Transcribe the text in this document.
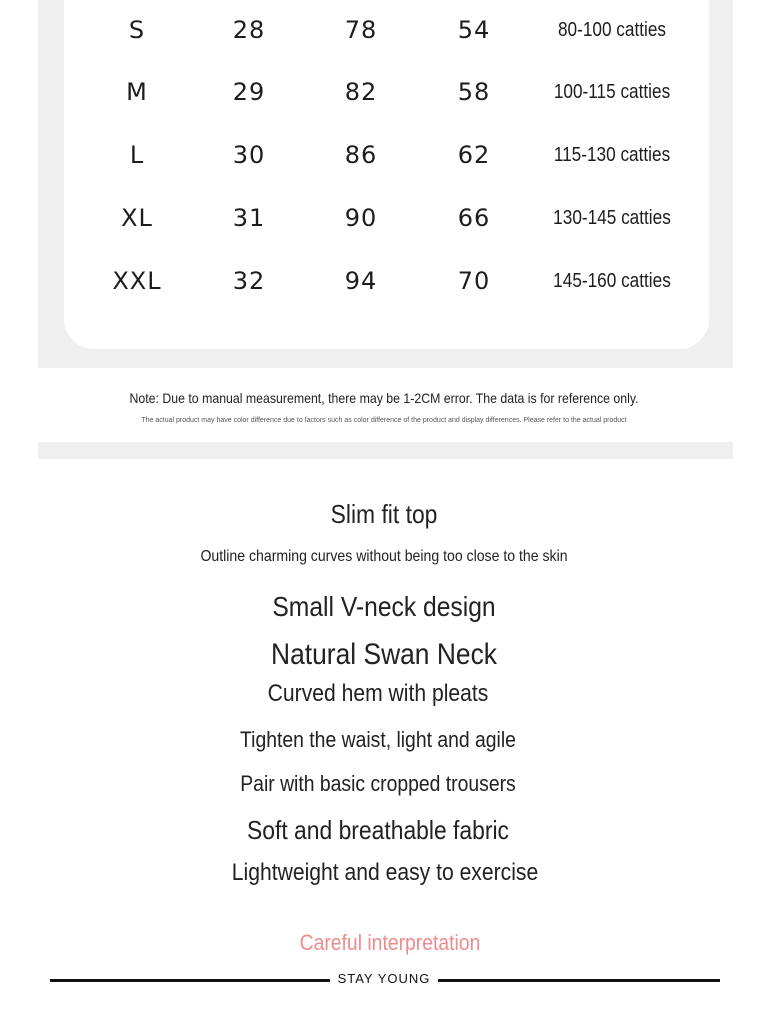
S	28	78	54	80-100 catties
M	29	82	58	100-115 catties
L	30	86	62	115-130 catties
XL	31	90	66	130-145 catties
XXL	32	94	70	145-160 catties
Note: Due to manual measurement, there may be 1-2CM error. The data is for reference only.
The actual product may have color difference due to factors such as color difference of the product and display differences. Please refer to the actual product
Slim fit top
Outline charming curves without being too close to the skin
Small V-neck design
Natural Swan Neck
Curved hem with pleats
Tighten the waist, light and agile
Pair with basic cropped trousers
Soft and breathable fabric
Lightweight and easy to exercise
Careful interpretation
STAY YOUNG
